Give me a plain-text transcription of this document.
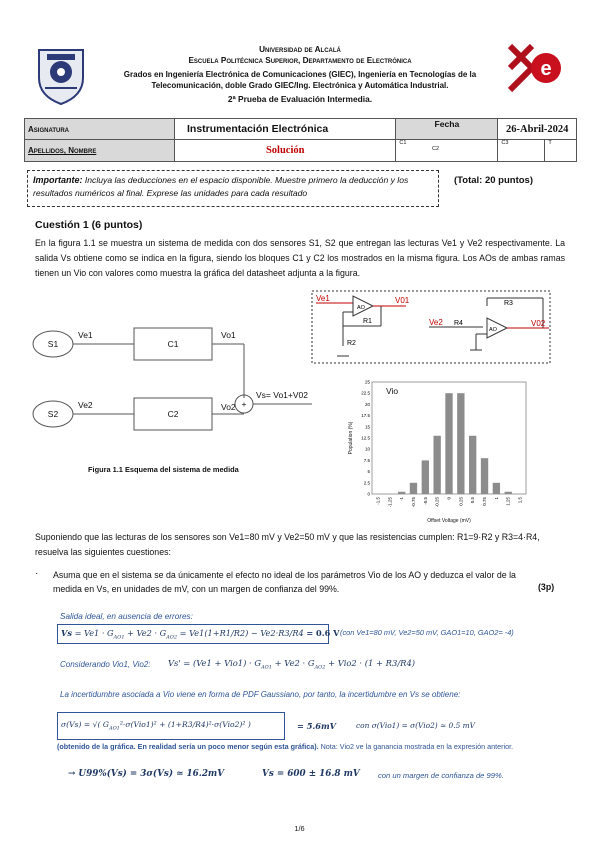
e
Universidad de Alcalá
Escuela Politécnica Superior, Departamento de Electrónica
Grados en Ingeniería Electrónica de Comunicaciones (GIEC), Ingeniería en Tecnologías de la
Telecomunicación, doble Grado GIEC/Ing. Electrónica y Automática Industrial.
2ª Prueba de Evaluación Intermedia.
Asignatura	Instrumentación Electrónica	Fecha	26-Abril-2024	
Apellidos, Nombre	Solución	C1	C3	T
C2
Importante: Incluya las deducciones en el espacio disponible. Muestre primero la deducción y los resultados numéricos al final. Exprese las unidades para cada resultado
(Total: 20 puntos)
Cuestión 1 (6 puntos)
En la figura 1.1 se muestra un sistema de medida con dos sensores S1, S2 que entregan las lecturas Ve1 y Ve2 respectivamente. La salida Vs obtiene como se indica en la figura, siendo los bloques C1 y C2 los mostrados en la misma figura. Los AOs de ambas ramas tienen un Vio con valores como muestra la gráfica del datasheet adjunta a la figura.
S1
Ve1
C1
Vo1
+
Vs= Vo1+V02
S2
Ve2
C2
Vo2
Figura 1.1 Esquema del sistema de medida
Ve1
AO
V01
R1
R2
R3
Ve2 R4
AO
V02
Vio
Population (%)
Offset Voltage (mV)
0
2.5
5
7.5
10
12.5
15
17.5
20
22.5
25
-1.5 -1.25 -1 -0.75 -0.5 -0.25 0 0.25 0.5 0.75 1 1.25 1.5
Suponiendo que las lecturas de los sensores son Ve1=80 mV y Ve2=50 mV y que las resistencias cumplen: R1=9·R2 y R3=4·R4, resuelva las siguientes cuestiones:
· Asuma que en el sistema se da únicamente el efecto no ideal de los parámetros Vio de los AO y deduzca el valor de la medida en Vs, en unidades de mV, con un margen de confianza del 99%.	(3p)
Salida ideal, en ausencia de errores:
$Vs = Ve1 \cdot G_{AO1} + Ve2 \cdot G_{AO2} = Ve1(1+R1/R2) - Ve2\cdot R3/R4 = 0.6$ V (con Ve1=80 mV, Ve2=50 mV, GAO1=10, GAO2= -4)
Considerando Vio1, Vio2: $Vs' = (Ve1 + Vio1) \cdot G_{AO1} + Ve2 \cdot G_{AO2} + Vio2 \cdot (1 + R3/R4)$
La incertidumbre asociada a Vio viene en forma de PDF Gaussiano, por tanto, la incertidumbre en Vs se obtiene:
σ(Vs) = √( $G_{AO1}^2\cdot\sigma(Vio1)^2 + (1+R3/R4)^2\cdot\sigma(Vio2)^2$ )	= 5.6mV	con σ(Vio1) = σ(Vio2) ≃ 0.5 mV
(obtenido de la gráfica. En realidad sería un poco menor según esta gráfica). Nota: Vio2 ve la ganancia mostrada en la expresión anterior.
→ U99%(Vs) = 3σ(Vs) ≃ 16.2mV	Vs = 600 ± 16.8 mV con un margen de confianza de 99%.
1/6
